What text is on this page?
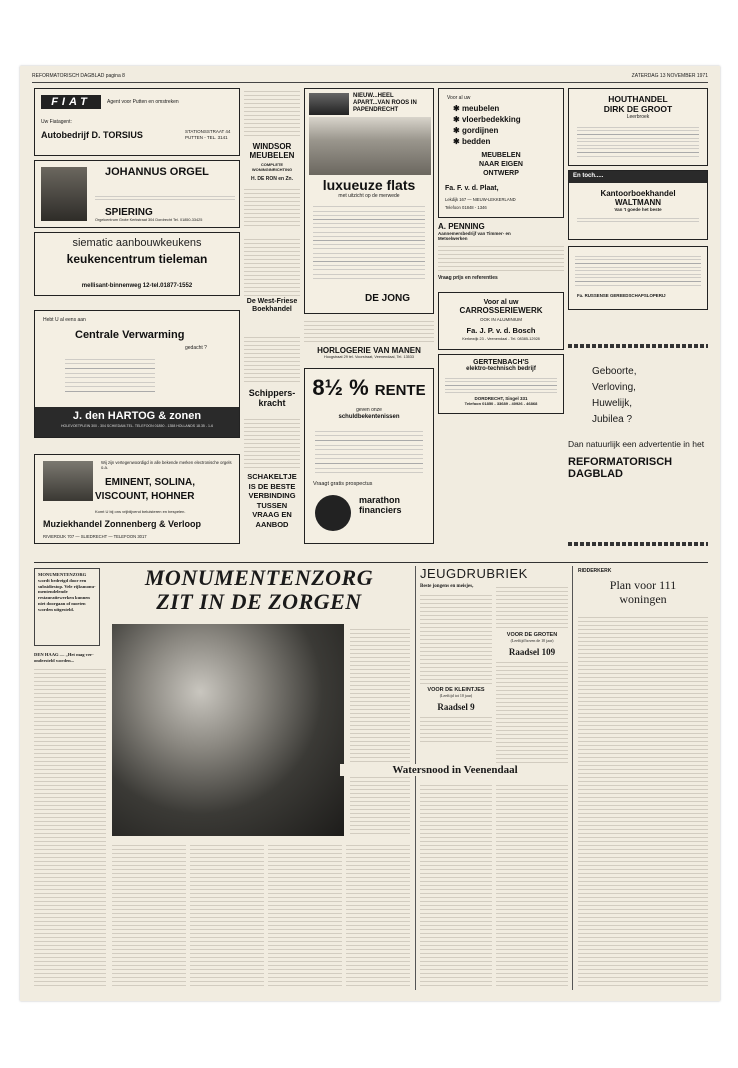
REFORMATORISCH DAGBLAD pagina 8	ZATERDAG 13 NOVEMBER 1971
FIAT	Agent voor Putten en omstreken
Uw Fiatagent:
Autobedrijf D. TORSIUS	STATIONSSTRAAT 44 PUTTEN - TEL. 3141
JOHANNUS ORGEL
SPIERING
Orgelcentrum Grote Kerkstraat 304 Dordrecht Tel. 01850-33425
siematic aanbouwkeukens
keukencentrum tieleman
mellisant-binnenweg 12-tel.01877-1552
Hebt U al eens aan
Centrale Verwarming
gedacht ?
J. den HARTOG & zonen
HOLEVOETPLEIN 300 - 304 SCHIEDAM-TEL. TELEFOON 01850 - 1358 HOLLANDS 18.35 - 1-6
Wij zijn vertegenwoordigd in alle bekende merken electronische orgels o.a.
EMINENT, SOLINA,
VISCOUNT, HOHNER
Komt U bij ons vrijblijvend beluisteren en bespelen.
Muziekhandel Zonnenberg & Verloop
RIVIERDIJK 707 — SLIEDRECHT — TELEFOON 3017
WINDSOR
MEUBELEN
COMPLETE WONINGINRICHTING
H. DE RON en Zn.
De West-Friese Boekhandel
Schippers-kracht
SCHAKELTJE IS DE BESTE VERBINDING TUSSEN VRAAG EN AANBOD
NIEUW...HEEL APART...VAN ROOS IN PAPENDRECHT
luxueuze flats
met uitzicht op de merwede
DE JONG
HORLOGERIE VAN MANEN
Hoogstraat 29 tel. Voorstraat, Veenendaal, Tel. 13533
8½ % RENTE
geven onze
schuldbekentenissen
Vraagt gratis prospectus
marathon financiers
Voor al uw
✱ meubelen
✱ vloerbedekking
✱ gordijnen
✱ bedden
MEUBELEN
NAAR EIGEN
ONTWERP
Fa. F. v. d. Plaat,
Lekdijk 167 — NIEUW-LEKKERLAND
Telefoon 01848 - 1346
A. PENNING
Aannemersbedrijf van Timmer- en Metselwerken
Vraag prijs en referenties
Voor al uw
CARROSSERIEWERK
OOK IN ALUMINIUM
Fa. J. P. v. d. Bosch
Kerkewijk 23 - Veenendaal - Tel. 08385-12928
GERTENBACH'S
elektro-technisch bedrijf
DORDRECHT, Singel 331
Telefoon 01850 - 33689 - 40926 - 46868
HOUTHANDEL
DIRK DE GROOT
Leerbroek
En toch.....
Kantoorboekhandel
WALTMANN
Van 't goede het beste
Fa. RUSSENSE GEREEDSCHAPSLOPERIJ
Geboorte,
Verloving,
Huwelijk,
Jubilea ?
Dan natuurlijk een advertentie in het
REFORMATORISCH
DAGBLAD
MONUMENTENZORG wordt bedreigd door een subsidiestop. Vele rijksmonumentendelende restauratiewerken kunnen niet doorgaan of moeten worden uitgesteld.
MONUMENTENZORG
ZIT IN DE ZORGEN
DEN HAAG — „Het mag verondersteld worden...
JEUGDRUBRIEK
Beste jongens en meisjes,
VOOR DE KLEINTJES
(Leeftijd tot 10 jaar)
Raadsel 9
VOOR DE GROTEN
(Leeftijd boven de 10 jaar)
Raadsel 109
Watersnood in Veenendaal
RIDDERKERK
Plan voor 111
woningen
